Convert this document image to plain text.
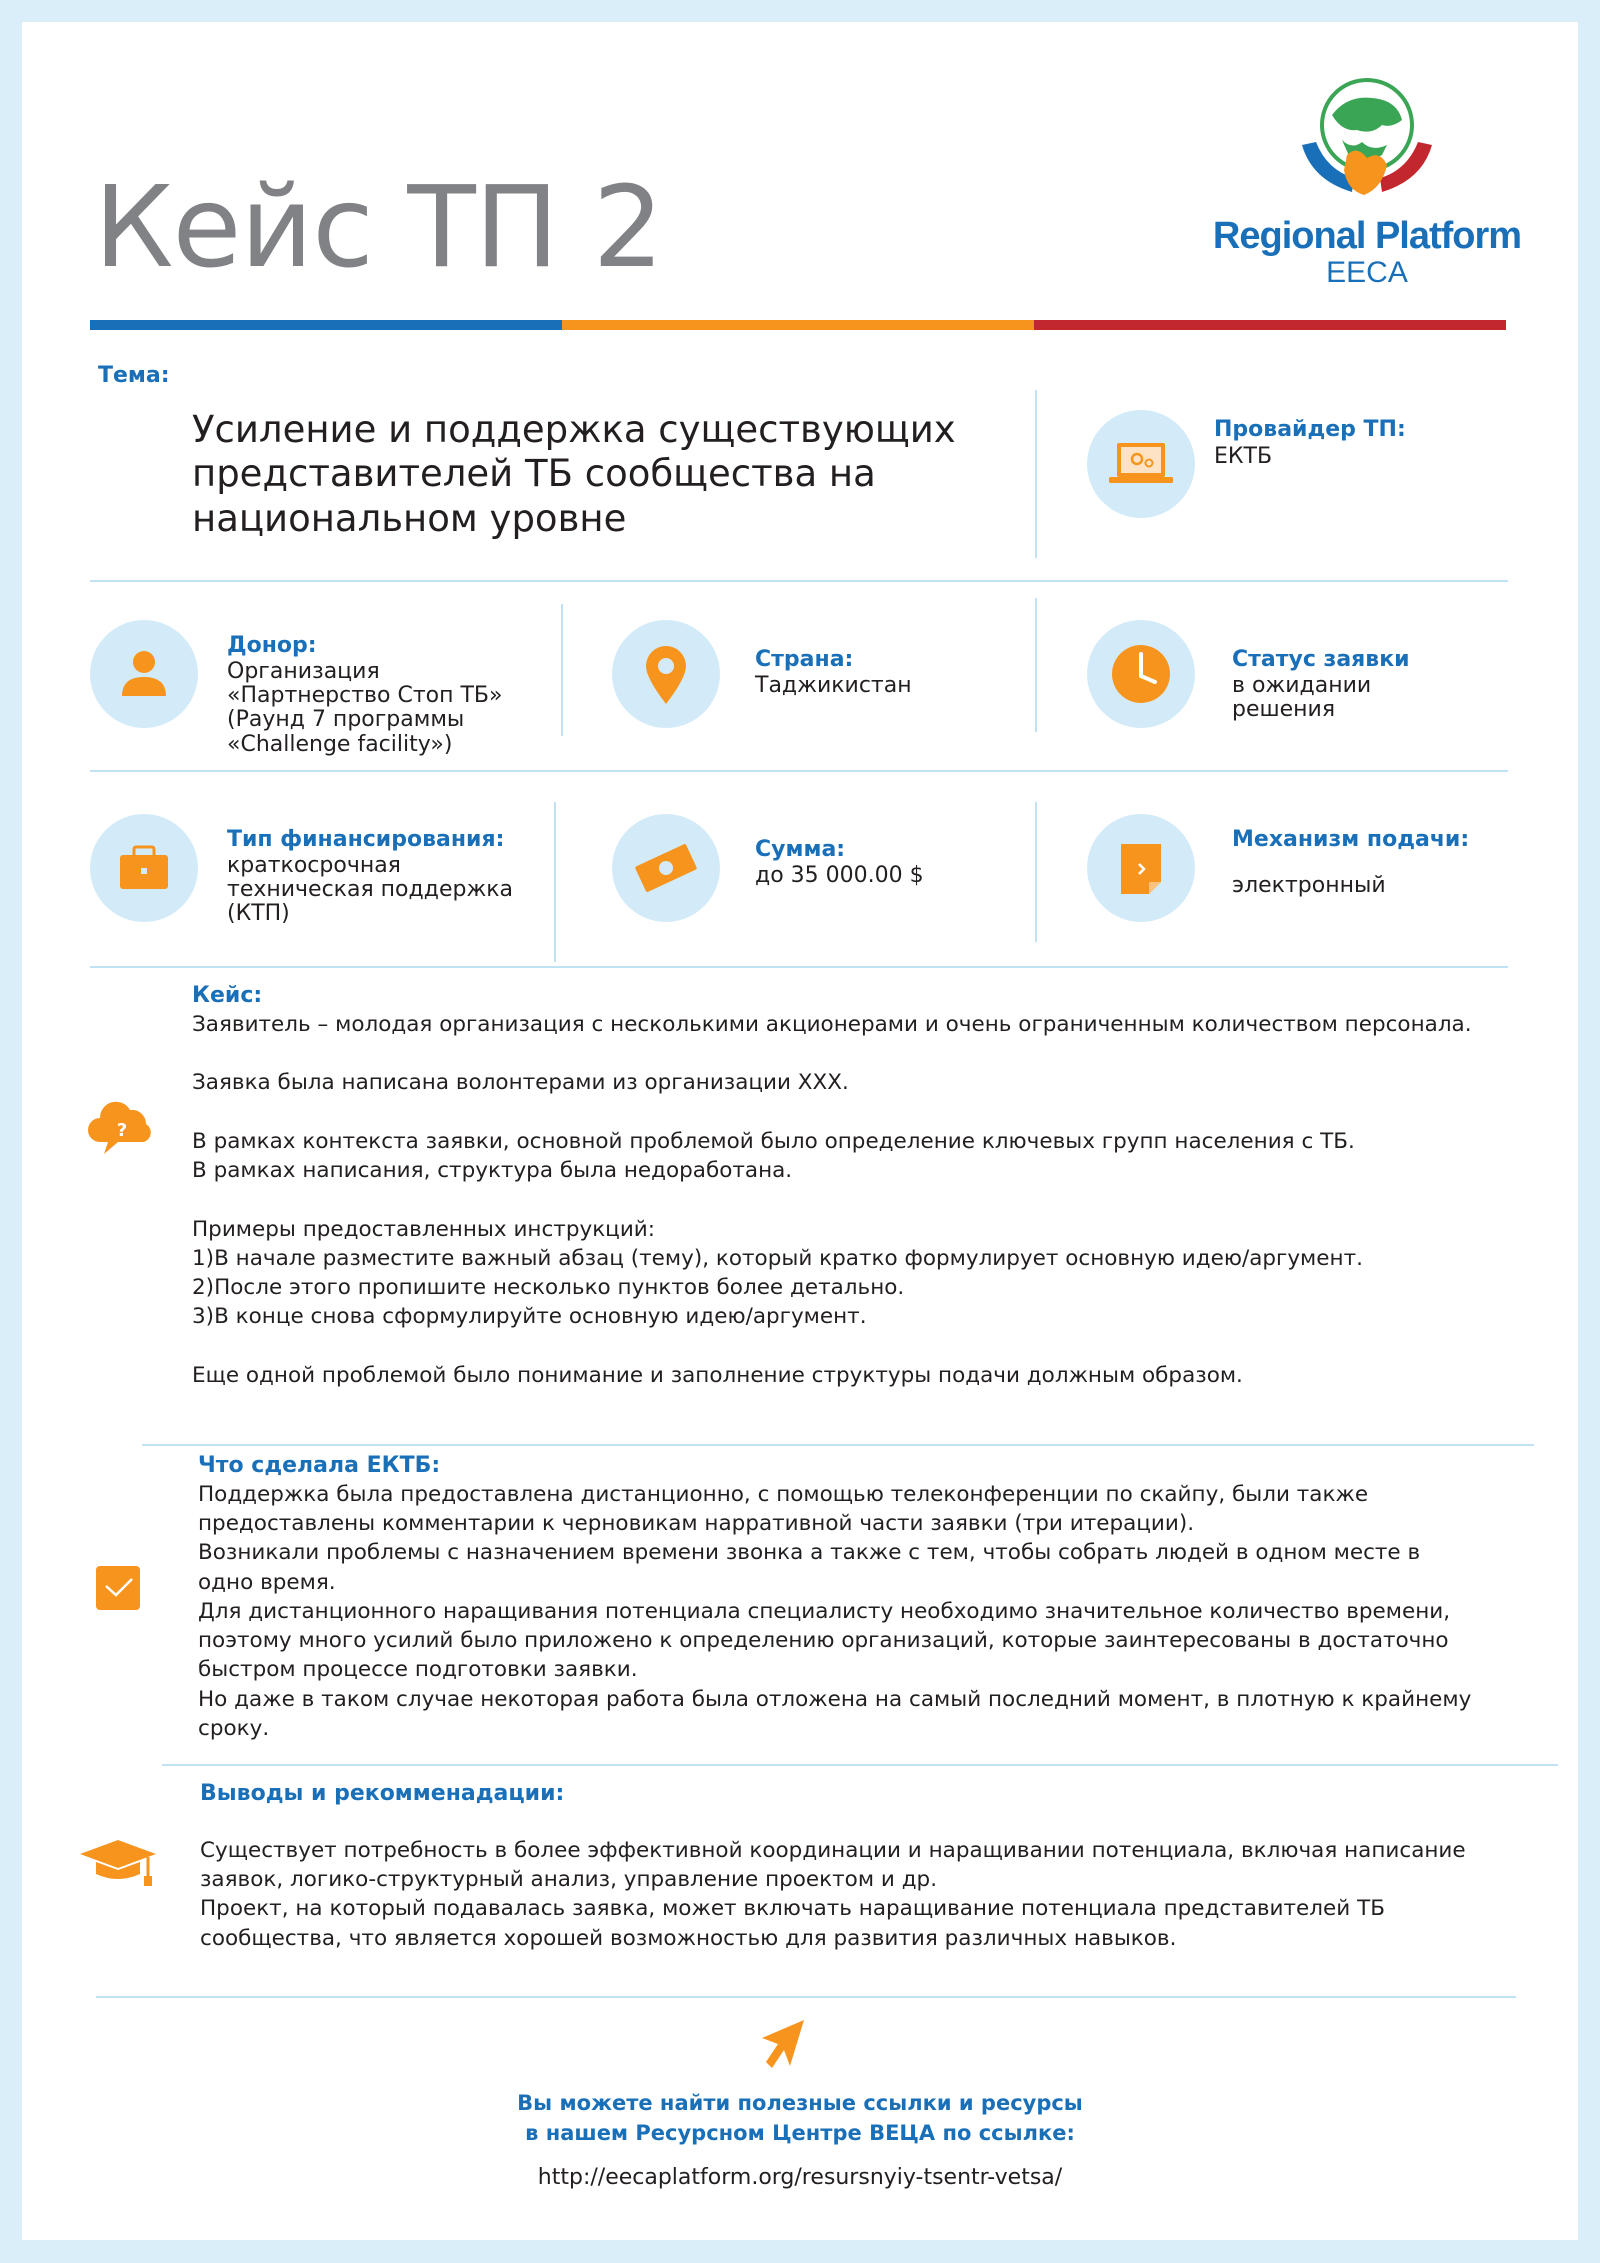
Кейс ТП 2	Regional Platform
EECA
Тема:
Усиление и поддержка существующих представителей ТБ сообщества на национальном уровне
Провайдер ТП:
ЕКТБ
Донор:
Организация
«Партнерство Стоп ТБ»
(Раунд 7 программы
«Challenge facility»)
Страна:
Таджикистан
Статус заявки
в ожидании
решения
Тип финансирования:
краткосрочная
техническая поддержка
(КТП)
Сумма:
до 35 000.00 $
Механизм подачи:
электронный
?
Кейс:

Заявитель – молодая организация с несколькими акционерами и очень ограниченным количеством персонала.

Заявка была написана волонтерами из организации ХХХ.

В рамках контекста заявки, основной проблемой было определение ключевых групп населения с ТБ.
В рамках написания, структура была недоработана.

Примеры предоставленных инструкций:

1)В начале разместите важный абзац (тему), который кратко формулирует основную идею/аргумент.
2)После этого пропишите несколько пунктов более детально.
3)В конце снова сформулируйте основную идею/аргумент.

Еще одной проблемой было понимание и заполнение структуры подачи должным образом.

Что сделала ЕКТБ:

Поддержка была предоставлена дистанционно, с помощью телеконференции по скайпу, были также
предоставлены комментарии к черновикам нарративной части заявки (три итерации).
Возникали проблемы с назначением времени звонка а также с тем, чтобы собрать людей в одном месте в
одно время.
Для дистанционного наращивания потенциала специалисту необходимо значительное количество времени,
поэтому много усилий было приложено к определению организаций, которые заинтересованы в достаточно
быстром процессе подготовки заявки.
Но даже в таком случае некоторая работа была отложена на самый последний момент, в плотную к крайнему
сроку.

Выводы и рекомменадации:

Существует потребность в более эффективной координации и наращивании потенциала, включая написание
заявок, логико-структурный анализ, управление проектом и др.
Проект, на который подавалась заявка, может включать наращивание потенциала представителей ТБ
сообщества, что является хорошей возможностью для развития различных навыков.

Вы можете найти полезные ссылки и ресурсы
в нашем Ресурсном Центре ВЕЦА по ссылке:
http://eecaplatform.org/resursnyiy-tsentr-vetsa/
